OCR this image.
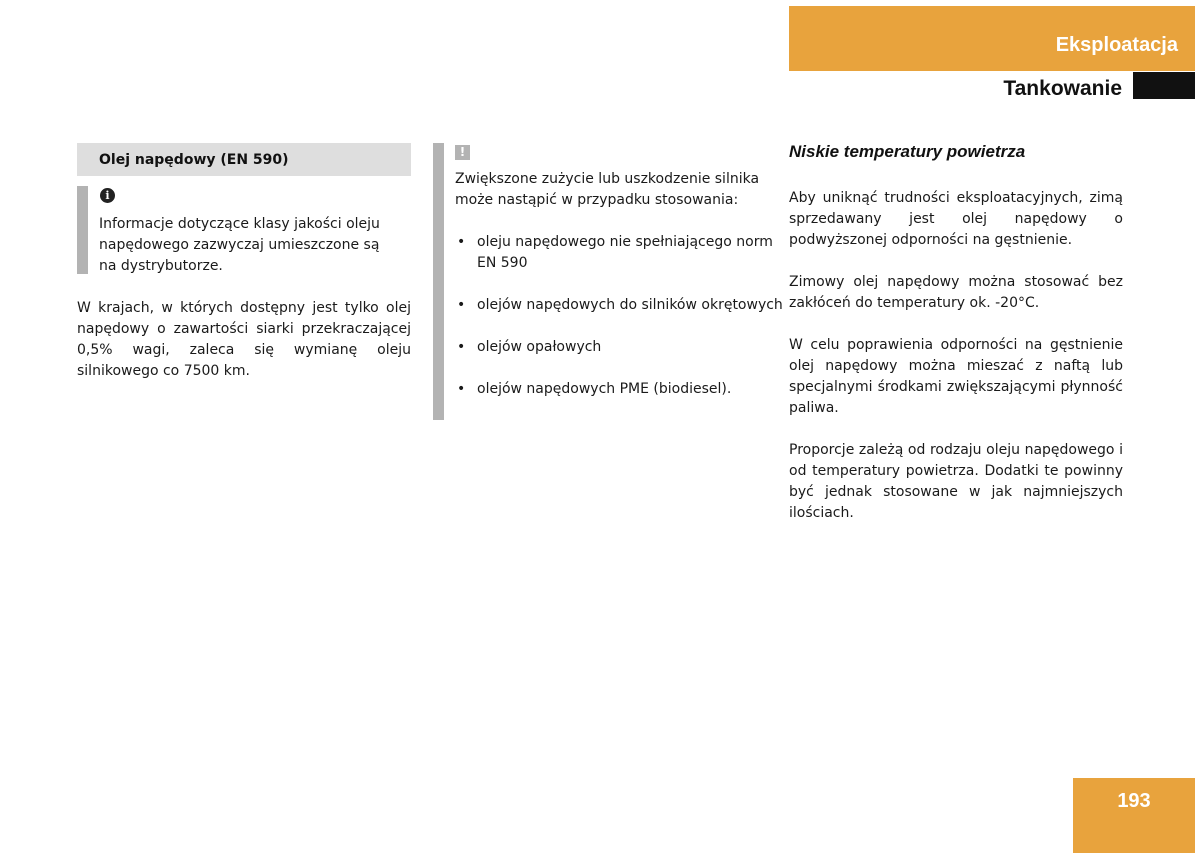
Eksploatacja
Tankowanie
Olej napędowy (EN 590)
i
Informacje dotyczące klasy jakości oleju napędowego zazwyczaj umieszczone są na dystrybutorze.
W krajach, w których dostępny jest tylko olej napędowy o zawartości siarki przekraczającej 0,5% wagi, zaleca się wymianę oleju silnikowego co 7500 km.
!
Zwiększone zużycie lub uszkodzenie silnika może nastąpić w przypadku stosowania:
• oleju napędowego nie spełniającego norm EN 590
• olejów napędowych do silników okrętowych
• olejów opałowych
• olejów napędowych PME (biodiesel).
Niskie temperatury powietrza

Aby uniknąć trudności eksploatacyjnych, zimą sprzedawany jest olej napędowy o podwyższonej odporności na gęstnienie.

Zimowy olej napędowy można stosować bez zakłóceń do temperatury ok. -20°C.

W celu poprawienia odporności na gęstnienie olej napędowy można mieszać z naftą lub specjalnymi środkami zwiększającymi płynność paliwa.

Proporcje zależą od rodzaju oleju napędowego i od temperatury powietrza. Dodatki te powinny być jednak stosowane w jak najmniejszych ilościach.

193
